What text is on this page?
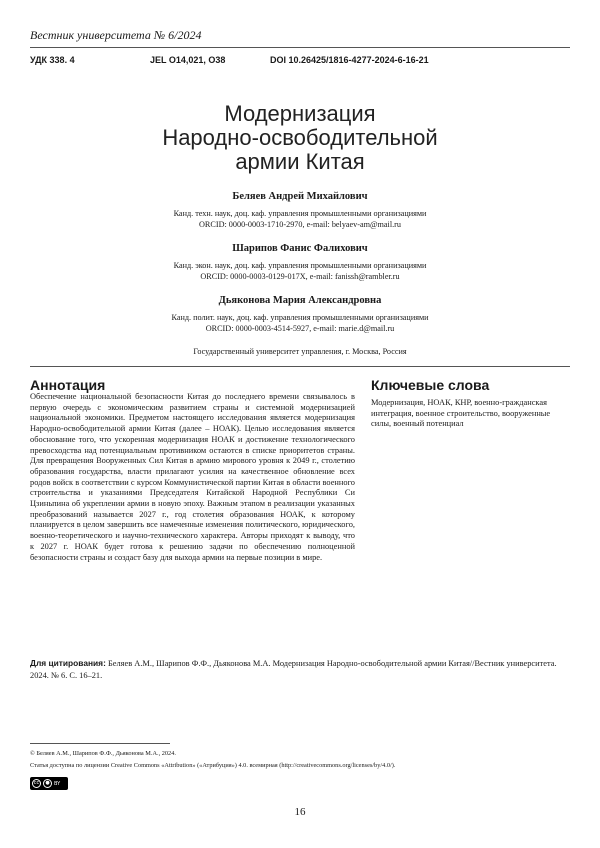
Вестник университета № 6/2024
УДК 338. 4	JEL O14,021, O38	DOI 10.26425/1816-4277-2024-6-16-21
Модернизация
Народно-освободительной
армии Китая
Беляев Андрей Михайлович
Канд. техн. наук, доц. каф. управления промышленными организациями
ORCID: 0000-0003-1710-2970, e-mail: belyaev-am@mail.ru
Шарипов Фанис Фалихович
Канд. экон. наук, доц. каф. управления промышленными организациями
ORCID: 0000-0003-0129-017X, e-mail: fanissh@rambler.ru
Дьяконова Мария Александровна
Канд. полит. наук, доц. каф. управления промышленными организациями
ORCID: 0000-0003-4514-5927, e-mail: marie.d@mail.ru
Государственный университет управления, г. Москва, Россия
Аннотация
Обеспечение национальной безопасности Китая до последнего времени связывалось в первую очередь с экономическим развитием страны и системной модернизацией национальной экономики. Предметом настоящего исследования является модернизация Народно-освободительной армии Китая (далее – НОАК). Целью исследования является обоснование того, что ускоренная модернизация НОАК и достижение технологического превосходства над потенциальным противником остаются в списке приоритетов страны. Для превращения Вооруженных Сил Китая в армию мирового уровня к 2049 г., столетию образования государства, власти прилагают усилия на качественное обновление всех родов войск в соответствии с курсом Коммунистической партии Китая в области военного строительства и указаниями Председателя Китайской Народной Республики Си Цзиньпина об укреплении армии в новую эпоху. Важным этапом в реализации указанных преобразований называется 2027 г., год столетия образования НОАК, к которому планируется в целом завершить все намеченные изменения политического, юридического, военно-теоретического и научно-технического характера. Авторы приходят к выводу, что к 2027 г. НОАК будет готова к решению задачи по обеспечению полноценной безопасности страны и создаст базу для выхода армии на первые позиции в мире.
Ключевые слова
Модернизация, НОАК, КНР, военно-гражданская интеграция, военное строительство, вооруженные силы, военный потенциал
Для цитирования: Беляев А.М., Шарипов Ф.Ф., Дьяконова М.А. Модернизация Народно-освободительной армии Китая//Вестник университета. 2024. № 6. С. 16–21.
© Беляев А.М., Шарипов Ф.Ф., Дьяконова М.А., 2024.
Статья доступна по лицензии Creative Commons «Attribution» («Атрибуция») 4.0. всемирная (http://creativecommons.org/licenses/by/4.0/).
cc	● BY
16
